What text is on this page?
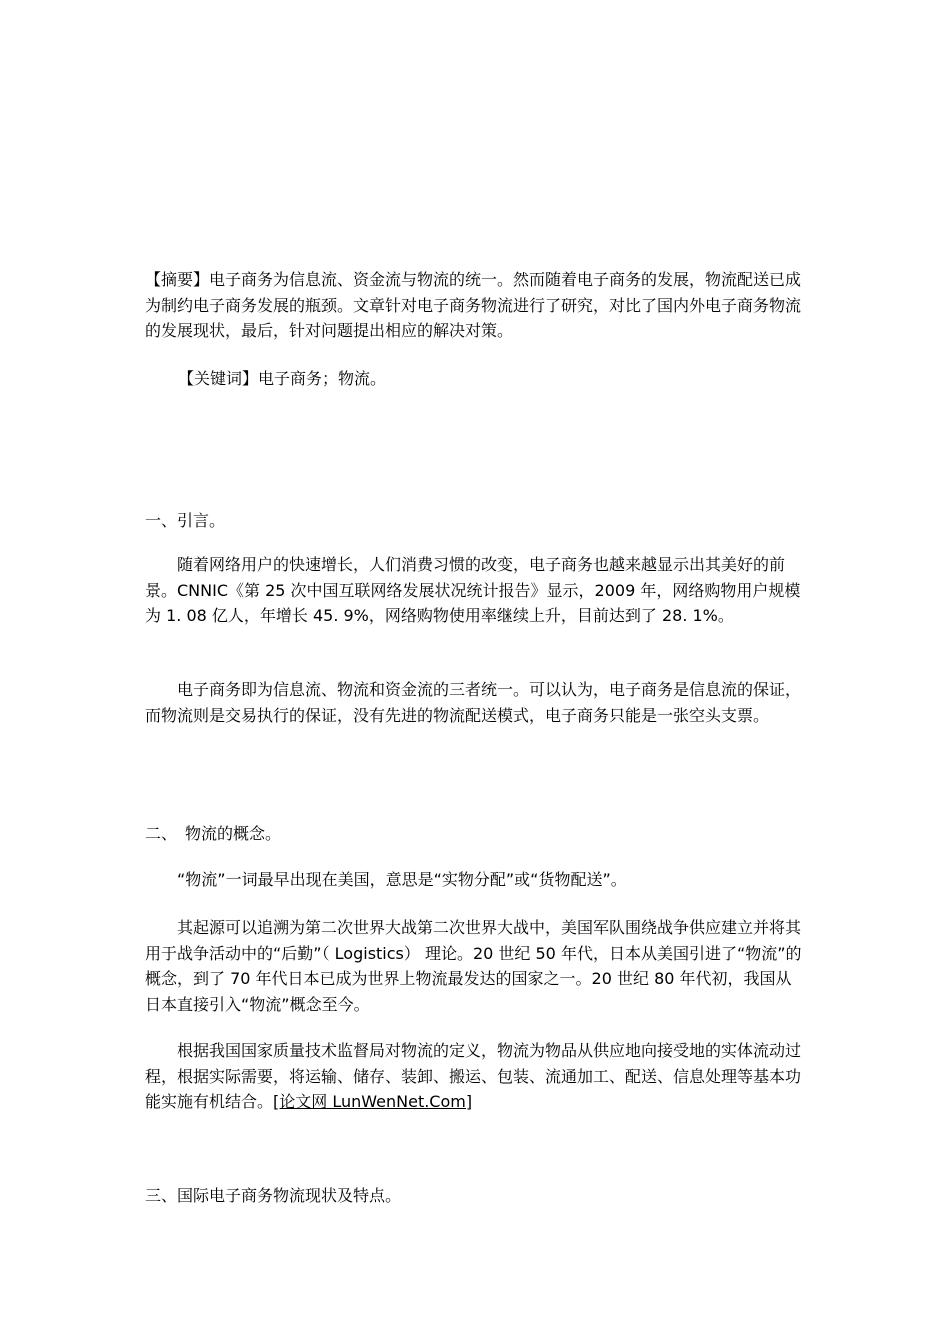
【摘要】电子商务为信息流、资金流与物流的统一。然而随着电子商务的发展，物流配送已成为制约电子商务发展的瓶颈。文章针对电子商务物流进行了研究，对比了国内外电子商务物流的发展现状，最后，针对问题提出相应的解决对策。

【关键词】电子商务；物流。

一、引言。

随着网络用户的快速增长，人们消费习惯的改变，电子商务也越来越显示出其美好的前景。CNNIC《第 25 次中国互联网络发展状况统计报告》显示，2009 年，网络购物用户规模为 1. 08 亿人，年增长 45. 9%，网络购物使用率继续上升，目前达到了 28. 1%。

电子商务即为信息流、物流和资金流的三者统一。可以认为，电子商务是信息流的保证，而物流则是交易执行的保证，没有先进的物流配送模式，电子商务只能是一张空头支票。

二、　物流的概念。

“物流”一词最早出现在美国，意思是“实物分配”或“货物配送”。

其起源可以追溯为第二次世界大战第二次世界大战中，美国军队围绕战争供应建立并将其用于战争活动中的“后勤”（ Logistics） 理论。20 世纪 50 年代，日本从美国引进了“物流”的概念，到了 70 年代日本已成为世界上物流最发达的国家之一。20 世纪 80 年代初，我国从日本直接引入“物流”概念至今。

根据我国国家质量技术监督局对物流的定义，物流为物品从供应地向接受地的实体流动过程，根据实际需要，将运输、储存、装卸、搬运、包装、流通加工、配送、信息处理等基本功能实施有机结合。[论文网 LunWenNet.Com]

三、国际电子商务物流现状及特点。
